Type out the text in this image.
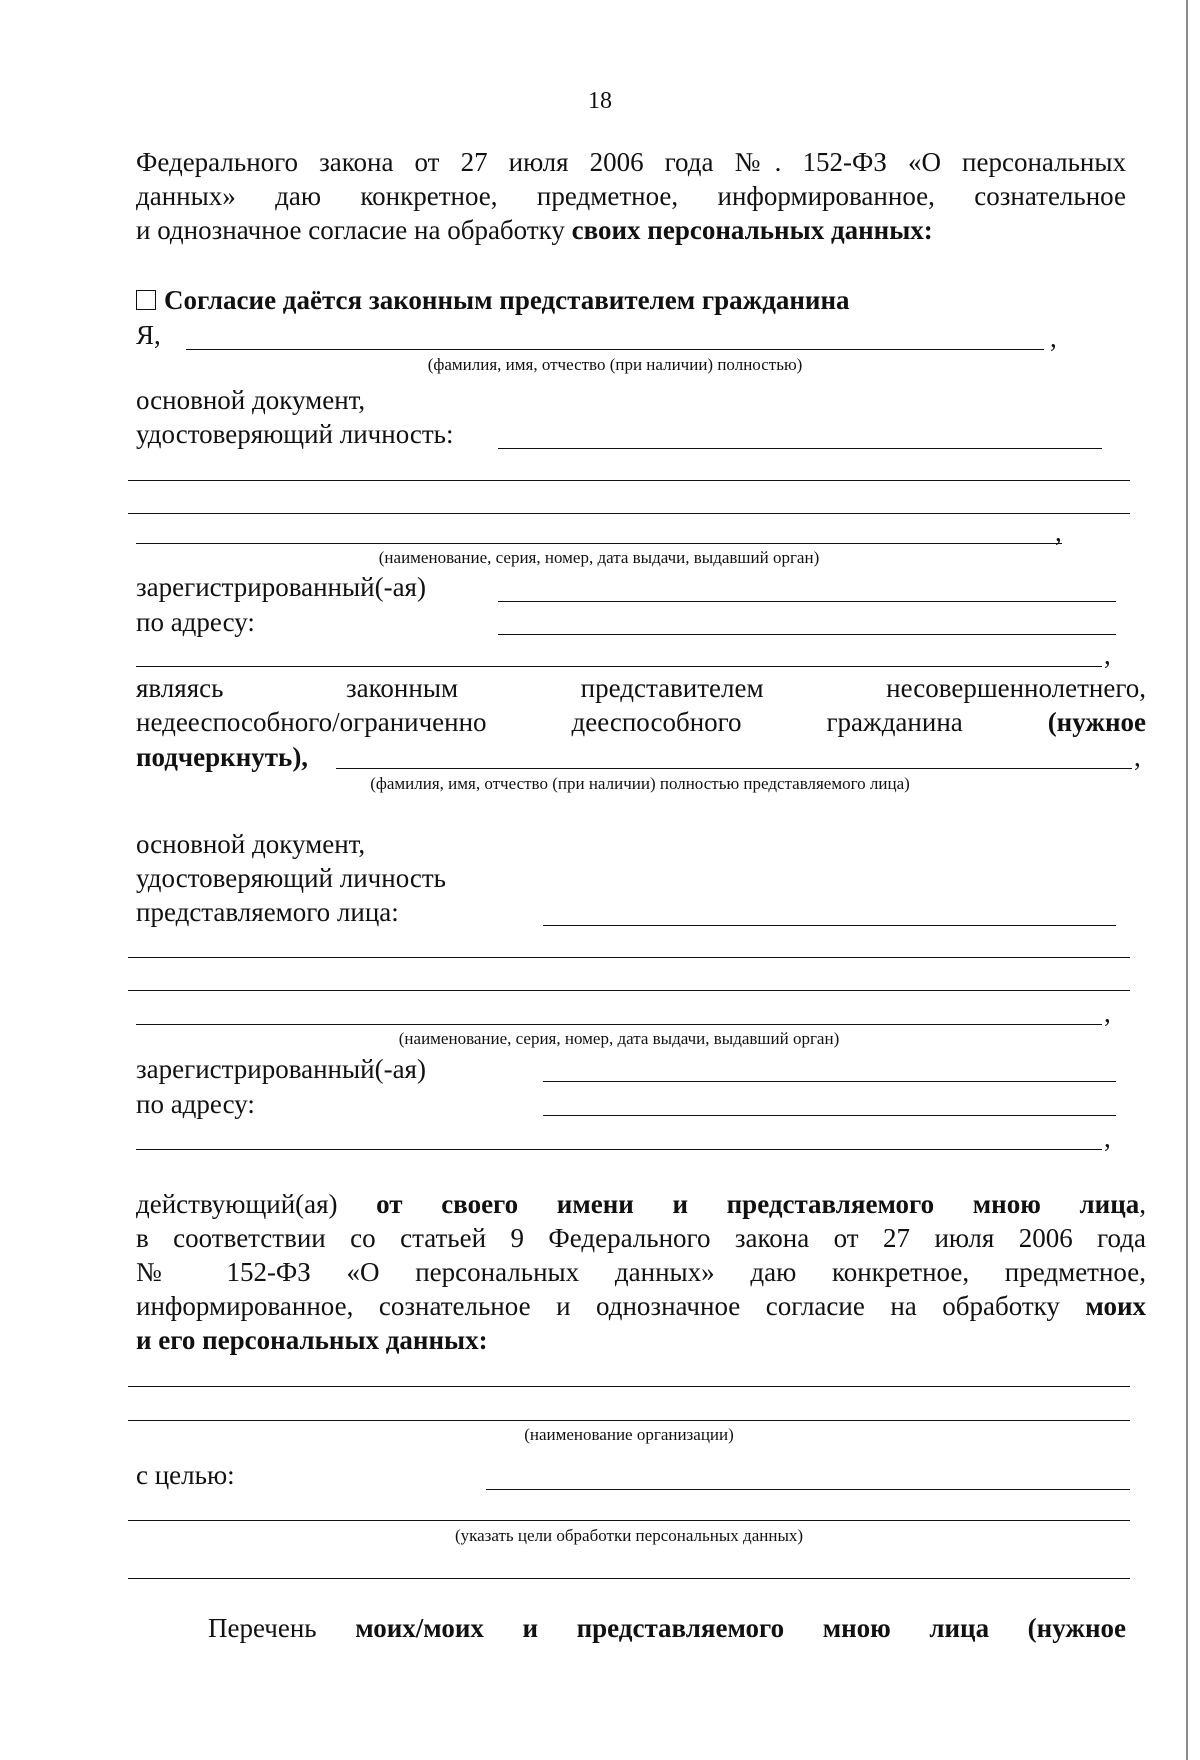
18
Федерального закона от 27 июля 2006 года №. 152-ФЗ «О персональных
данных» даю конкретное, предметное, информированное, сознательное
и однозначное согласие на обработку своих персональных данных:
Согласие даётся законным представителем гражданина
Я,	,
(фамилия, имя, отчество (при наличии) полностью)
основной документ,
удостоверяющий личность:
,
(наименование, серия, номер, дата выдачи, выдавший орган)
зарегистрированный(-ая)
по адресу:
,
являясь законным представителем несовершеннолетнего,
недееспособного/ограниченно дееспособного гражданина (нужное
подчеркнуть),	,
(фамилия, имя, отчество (при наличии) полностью представляемого лица)
основной документ,
удостоверяющий личность
представляемого лица:
,
(наименование, серия, номер, дата выдачи, выдавший орган)
зарегистрированный(-ая)
по адресу:
,
действующий(ая) от своего имени и представляемого мною лица,
в соответствии со статьей 9 Федерального закона от 27 июля 2006 года
№ 152-ФЗ «О персональных данных» даю конкретное, предметное,
информированное, сознательное и однозначное согласие на обработку моих
и его персональных данных:
(наименование организации)
с целью:
(указать цели обработки персональных данных)
Перечень моих/моих и представляемого мною лица (нужное
